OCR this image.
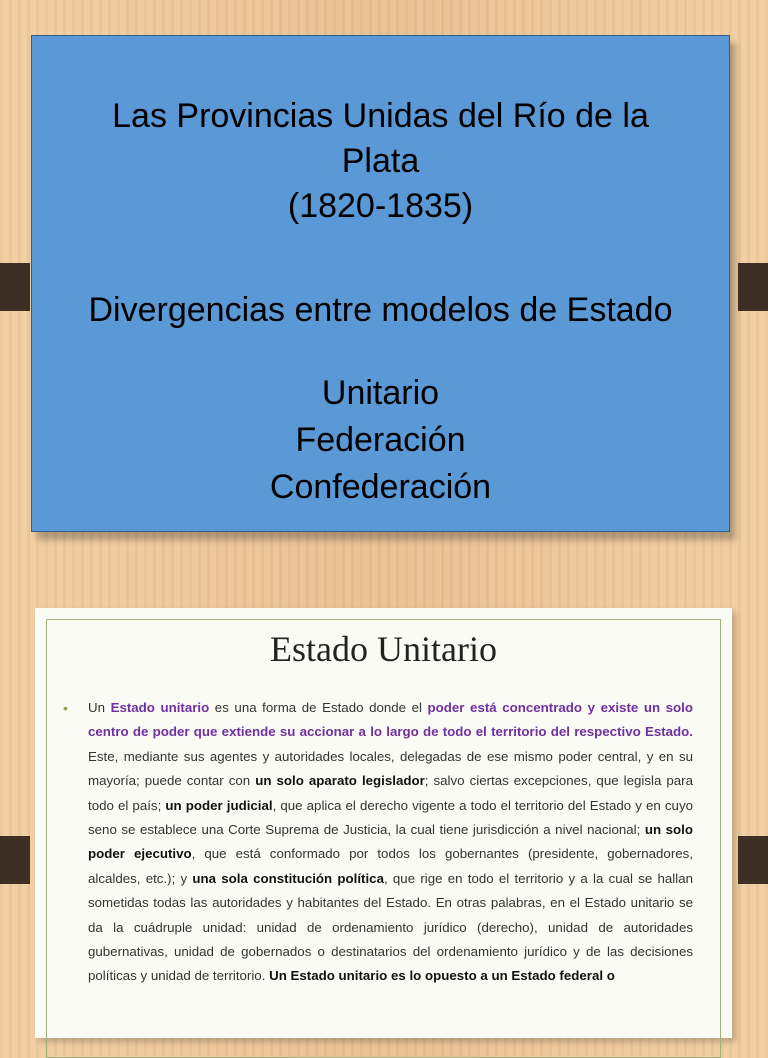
Las Provincias Unidas del Río de la
Plata
(1820-1835)
Divergencias entre modelos de Estado
Unitario
Federación
Confederación
Estado Unitario
• Un Estado unitario es una forma de Estado donde el poder está concentrado y existe un solo centro de poder que extiende su accionar a lo largo de todo el territorio del respectivo Estado. Este, mediante sus agentes y autoridades locales, delegadas de ese mismo poder central, y en su mayoría; puede contar con un solo aparato legislador; salvo ciertas excepciones, que legisla para todo el país; un poder judicial, que aplica el derecho vigente a todo el territorio del Estado y en cuyo seno se establece una Corte Suprema de Justicia, la cual tiene jurisdicción a nivel nacional; un solo poder ejecutivo, que está conformado por todos los gobernantes (presidente, gobernadores, alcaldes, etc.); y una sola constitución política, que rige en todo el territorio y a la cual se hallan sometidas todas las autoridades y habitantes del Estado. En otras palabras, en el Estado unitario se da la cuádruple unidad: unidad de ordenamiento jurídico (derecho), unidad de autoridades gubernativas, unidad de gobernados o destinatarios del ordenamiento jurídico y de las decisiones políticas y unidad de territorio. Un Estado unitario es lo opuesto a un Estado federal o
